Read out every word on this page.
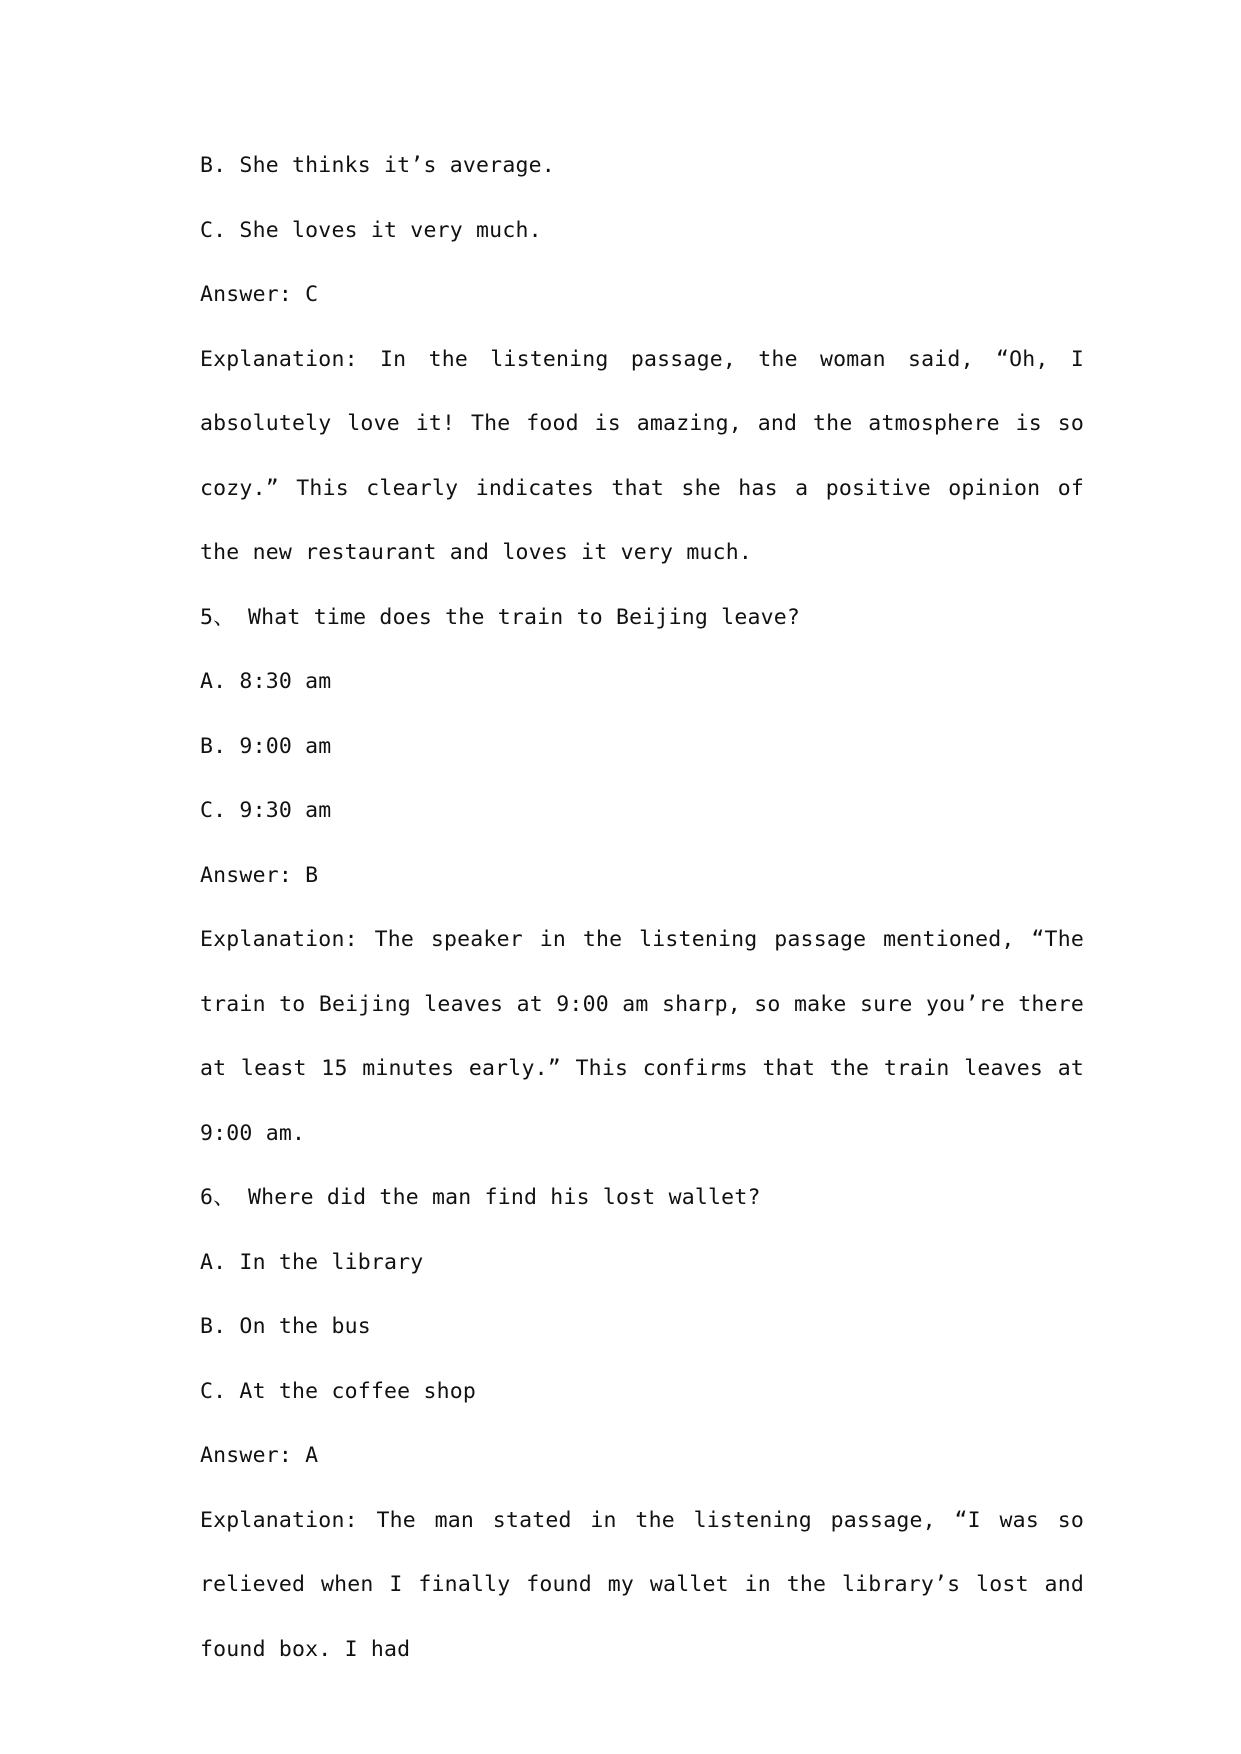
B. She thinks it’s average.
C. She loves it very much.
Answer: C
Explanation: In the listening passage, the woman said, “Oh, I absolutely love it! The food is amazing, and the atmosphere is so cozy.” This clearly indicates that she has a positive opinion of the new restaurant and loves it very much.
5、 What time does the train to Beijing leave?
A. 8:30 am
B. 9:00 am
C. 9:30 am
Answer: B
Explanation: The speaker in the listening passage mentioned, “The train to Beijing leaves at 9:00 am sharp, so make sure you’re there at least 15 minutes early.” This confirms that the train leaves at 9:00 am.
6、 Where did the man find his lost wallet?
A. In the library
B. On the bus
C. At the coffee shop
Answer: A
Explanation: The man stated in the listening passage, “I was so relieved when I finally found my wallet in the library’s lost and found box. I had
